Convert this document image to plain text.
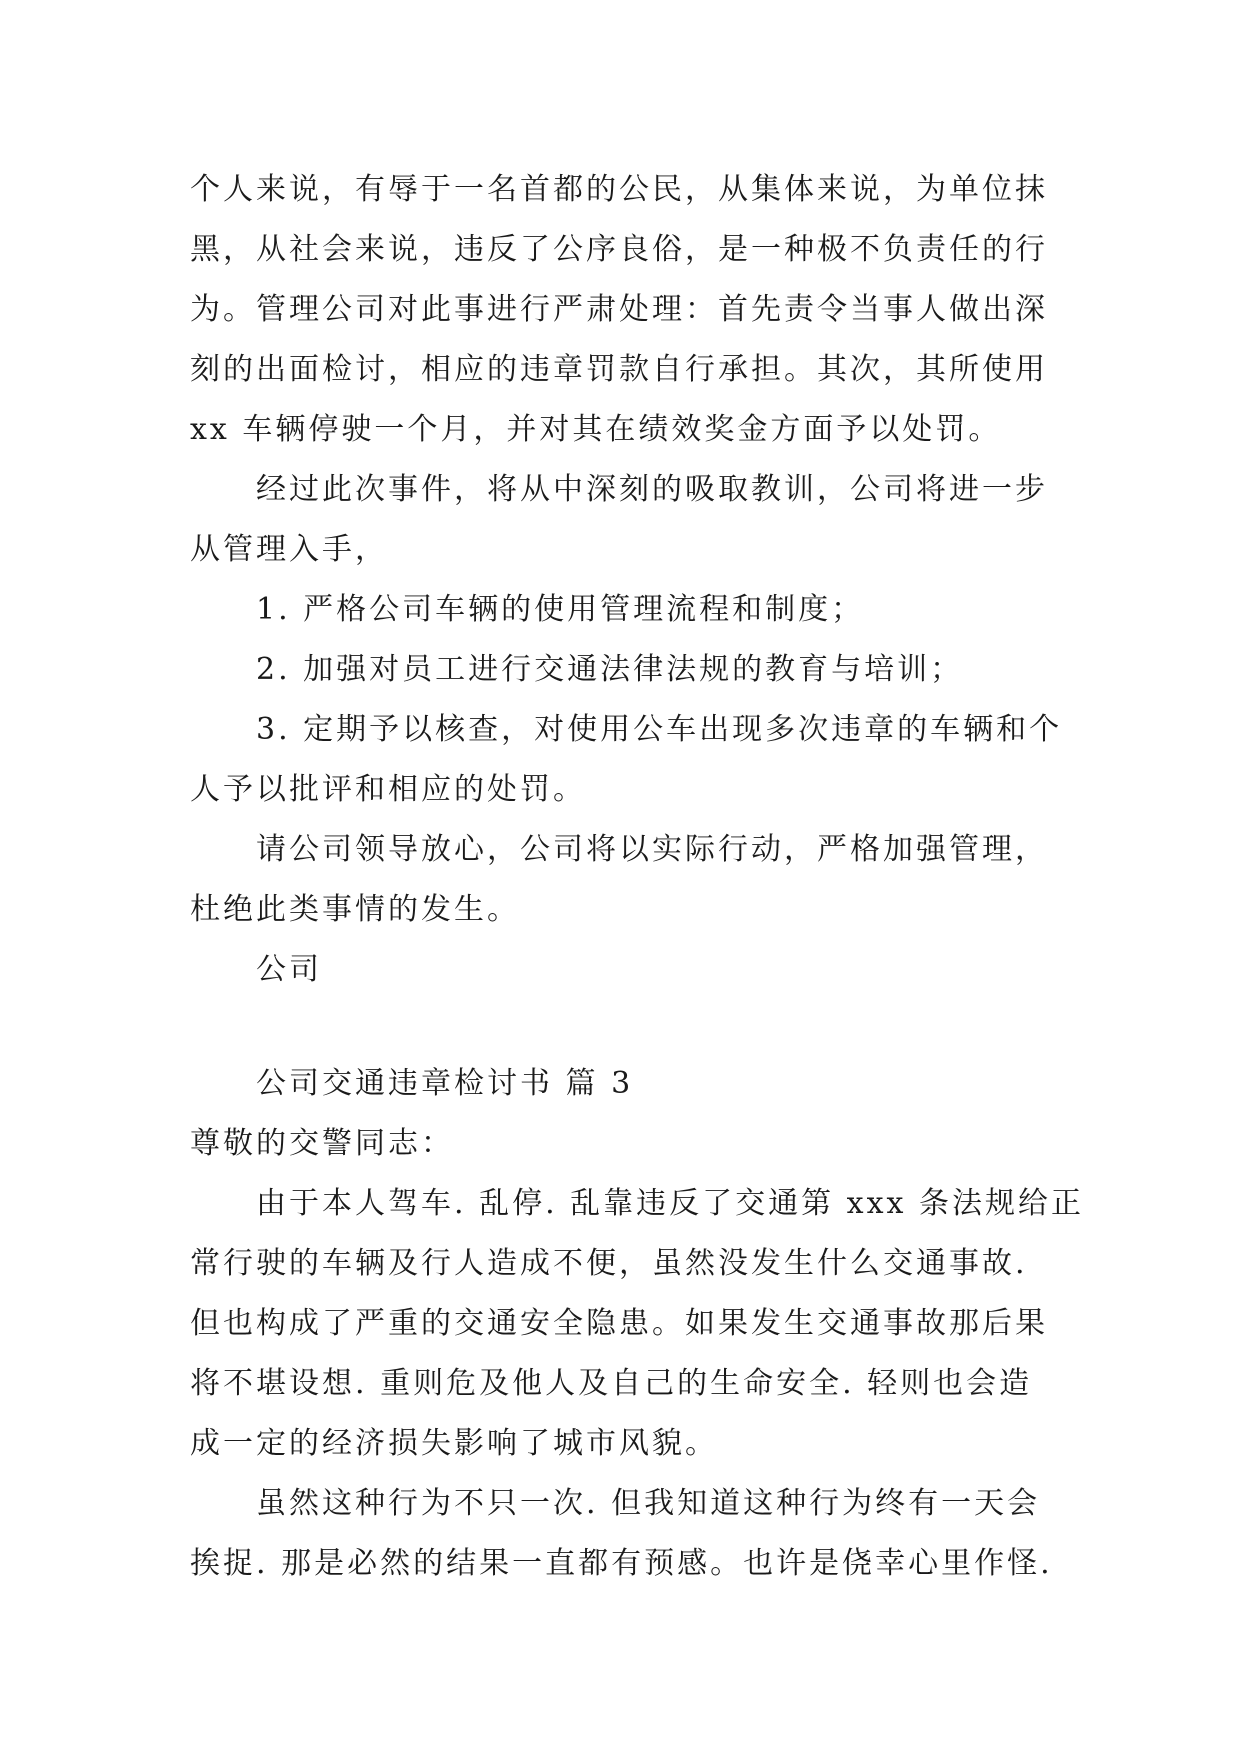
个人来说，有辱于一名首都的公民，从集体来说，为单位抹
黑，从社会来说，违反了公序良俗，是一种极不负责任的行
为。管理公司对此事进行严肃处理：首先责令当事人做出深
刻的出面检讨，相应的违章罚款自行承担。其次，其所使用
xx 车辆停驶一个月，并对其在绩效奖金方面予以处罚。
经过此次事件，将从中深刻的吸取教训，公司将进一步
从管理入手，
1. 严格公司车辆的使用管理流程和制度；
2. 加强对员工进行交通法律法规的教育与培训；
3. 定期予以核查，对使用公车出现多次违章的车辆和个
人予以批评和相应的处罚。
请公司领导放心，公司将以实际行动，严格加强管理，
杜绝此类事情的发生。
公司
公司交通违章检讨书 篇 3
尊敬的交警同志：
由于本人驾车. 乱停. 乱靠违反了交通第 xxx 条法规给正
常行驶的车辆及行人造成不便，虽然没发生什么交通事故.
但也构成了严重的交通安全隐患。如果发生交通事故那后果
将不堪设想. 重则危及他人及自己的生命安全. 轻则也会造
成一定的经济损失影响了城市风貌。
虽然这种行为不只一次. 但我知道这种行为终有一天会
挨捉. 那是必然的结果一直都有预感。也许是侥幸心里作怪.
